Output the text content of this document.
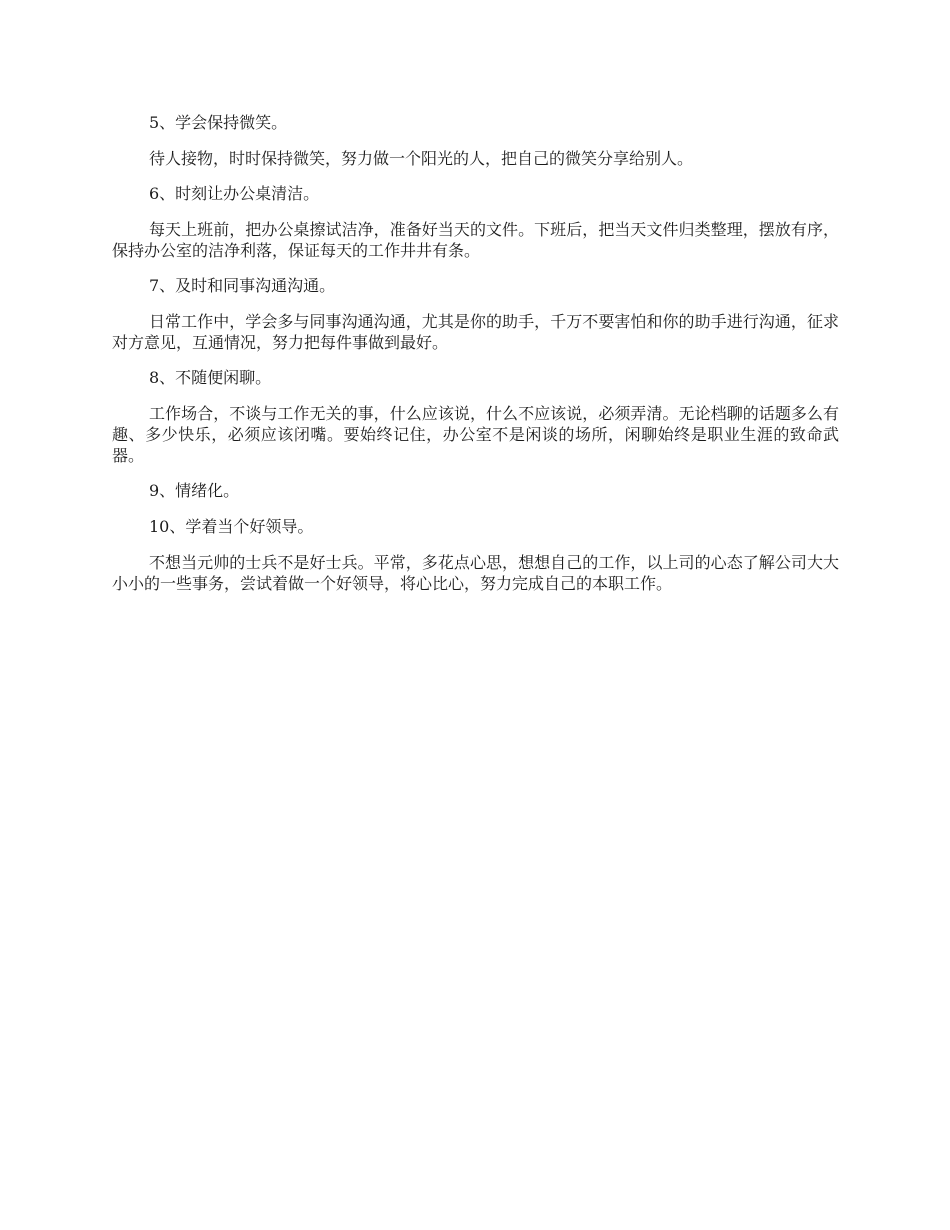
5、学会保持微笑。

待人接物，时时保持微笑，努力做一个阳光的人，把自己的微笑分享给别人。

6、时刻让办公桌清洁。

每天上班前，把办公桌擦试洁净，准备好当天的文件。下班后，把当天文件归类整理，摆放有序，保持办公室的洁净利落，保证每天的工作井井有条。

7、及时和同事沟通沟通。

日常工作中，学会多与同事沟通沟通，尤其是你的助手，千万不要害怕和你的助手进行沟通，征求对方意见，互通情况，努力把每件事做到最好。

8、不随便闲聊。

工作场合，不谈与工作无关的事，什么应该说，什么不应该说，必须弄清。无论档聊的话题多么有趣、多少快乐，必须应该闭嘴。要始终记住，办公室不是闲谈的场所，闲聊始终是职业生涯的致命武器。

9、情绪化。

10、学着当个好领导。

不想当元帅的士兵不是好士兵。平常，多花点心思，想想自己的工作，以上司的心态了解公司大大小小的一些事务，尝试着做一个好领导，将心比心，努力完成自己的本职工作。
